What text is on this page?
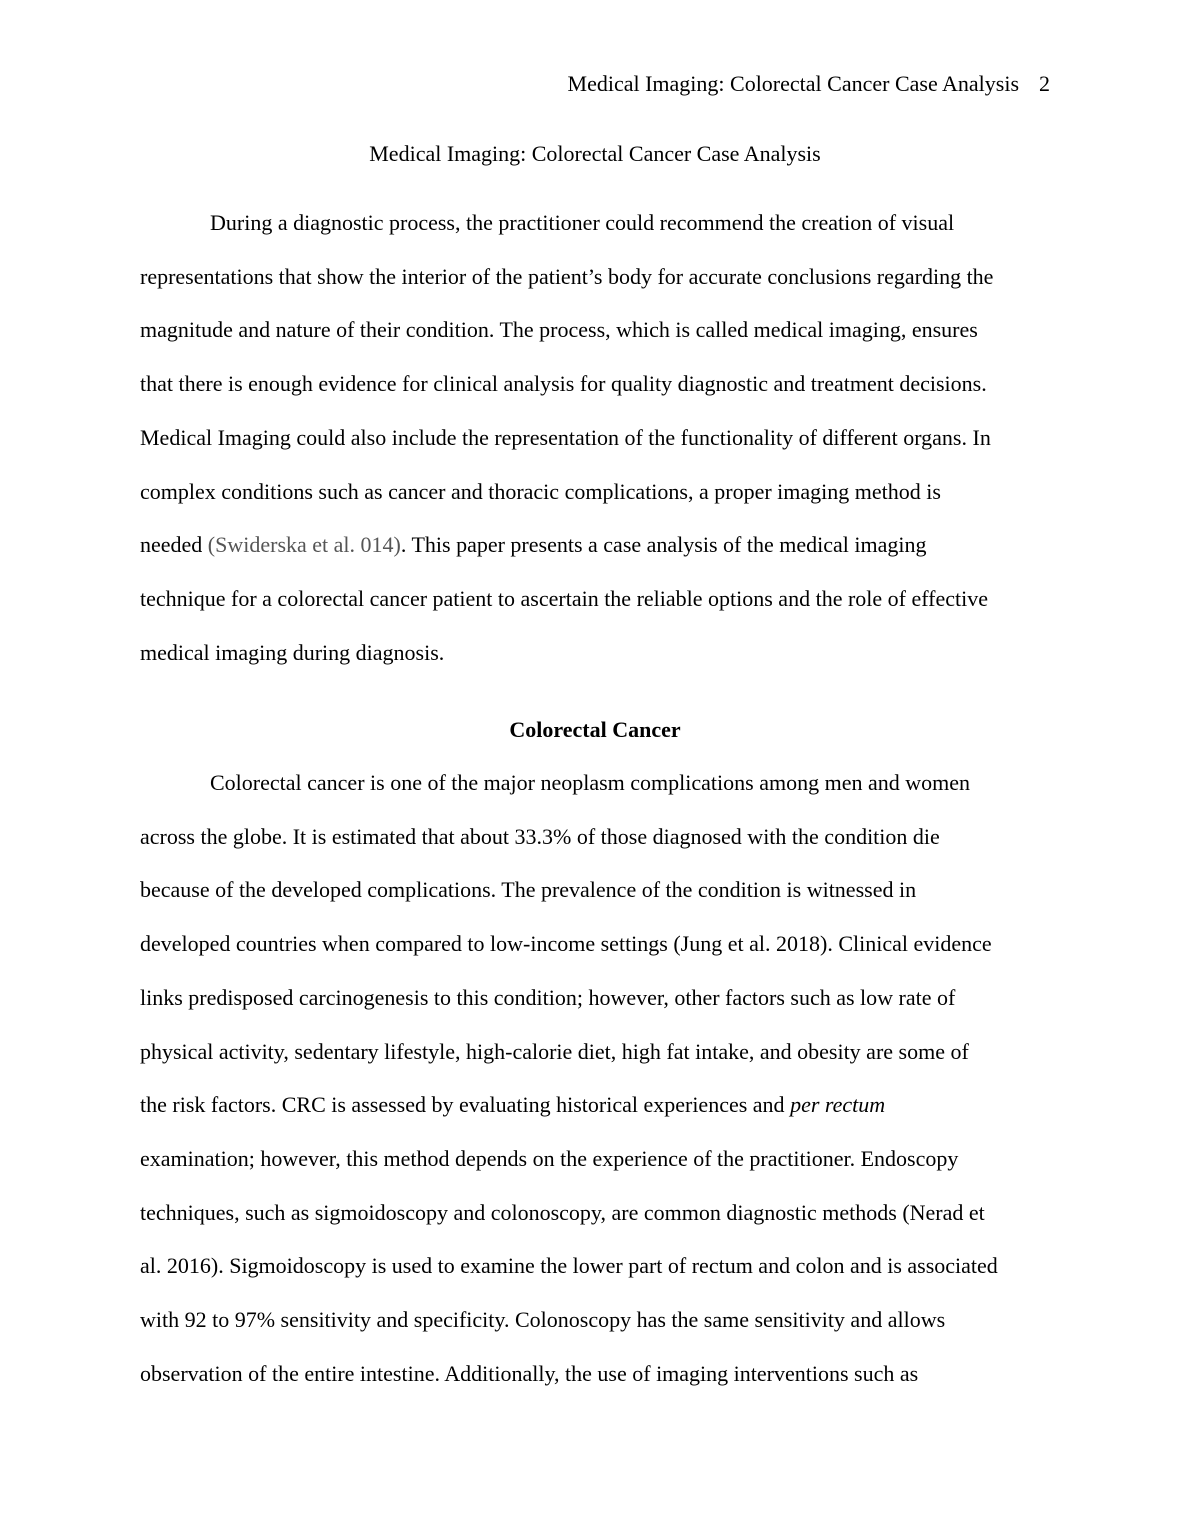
Medical Imaging: Colorectal Cancer Case Analysis 2
Medical Imaging: Colorectal Cancer Case Analysis
During a diagnostic process, the practitioner could recommend the creation of visual
representations that show the interior of the patient’s body for accurate conclusions regarding the
magnitude and nature of their condition. The process, which is called medical imaging, ensures
that there is enough evidence for clinical analysis for quality diagnostic and treatment decisions.
Medical Imaging could also include the representation of the functionality of different organs. In
complex conditions such as cancer and thoracic complications, a proper imaging method is
needed (Swiderska et al. 014). This paper presents a case analysis of the medical imaging
technique for a colorectal cancer patient to ascertain the reliable options and the role of effective
medical imaging during diagnosis.
Colorectal Cancer
Colorectal cancer is one of the major neoplasm complications among men and women
across the globe. It is estimated that about 33.3% of those diagnosed with the condition die
because of the developed complications. The prevalence of the condition is witnessed in
developed countries when compared to low-income settings (Jung et al. 2018). Clinical evidence
links predisposed carcinogenesis to this condition; however, other factors such as low rate of
physical activity, sedentary lifestyle, high-calorie diet, high fat intake, and obesity are some of
the risk factors. CRC is assessed by evaluating historical experiences and per rectum
examination; however, this method depends on the experience of the practitioner. Endoscopy
techniques, such as sigmoidoscopy and colonoscopy, are common diagnostic methods (Nerad et
al. 2016). Sigmoidoscopy is used to examine the lower part of rectum and colon and is associated
with 92 to 97% sensitivity and specificity. Colonoscopy has the same sensitivity and allows
observation of the entire intestine. Additionally, the use of imaging interventions such as
